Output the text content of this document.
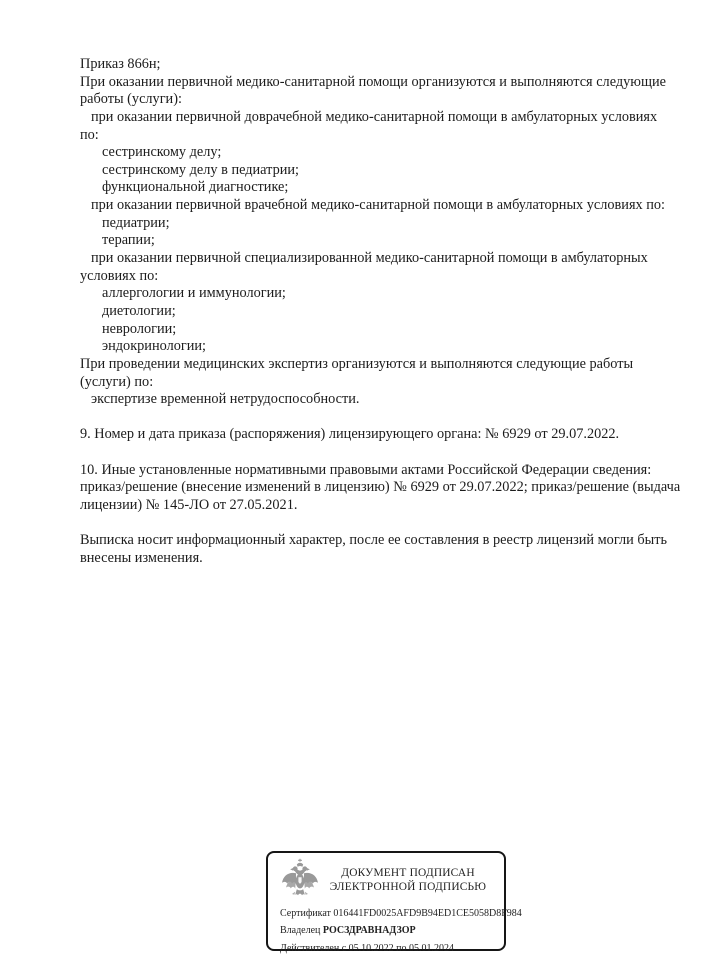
Приказ 866н;
При оказании первичной медико-санитарной помощи организуются и выполняются следующие
работы (услуги):
при оказании первичной доврачебной медико-санитарной помощи в амбулаторных условиях
по:
сестринскому делу;
сестринскому делу в педиатрии;
функциональной диагностике;
при оказании первичной врачебной медико-санитарной помощи в амбулаторных условиях по:
педиатрии;
терапии;
при оказании первичной специализированной медико-санитарной помощи в амбулаторных
условиях по:
аллергологии и иммунологии;
диетологии;
неврологии;
эндокринологии;
При проведении медицинских экспертиз организуются и выполняются следующие работы
(услуги) по:
экспертизе временной нетрудоспособности.

9. Номер и дата приказа (распоряжения) лицензирующего органа: № 6929 от 29.07.2022.

10. Иные установленные нормативными правовыми актами Российской Федерации сведения:
приказ/решение (внесение изменений в лицензию) № 6929 от 29.07.2022; приказ/решение (выдача
лицензии) № 145-ЛО от 27.05.2021.

Выписка носит информационный характер, после ее составления в реестр лицензий могли быть
внесены изменения.
ДОКУМЕНТ ПОДПИСАН
ЭЛЕКТРОННОЙ ПОДПИСЬЮ
Сертификат 016441FD0025AFD9B94ED1CE5058D8F984
Владелец РОСЗДРАВНАДЗОР
Действителен с 05.10.2022 по 05.01.2024
